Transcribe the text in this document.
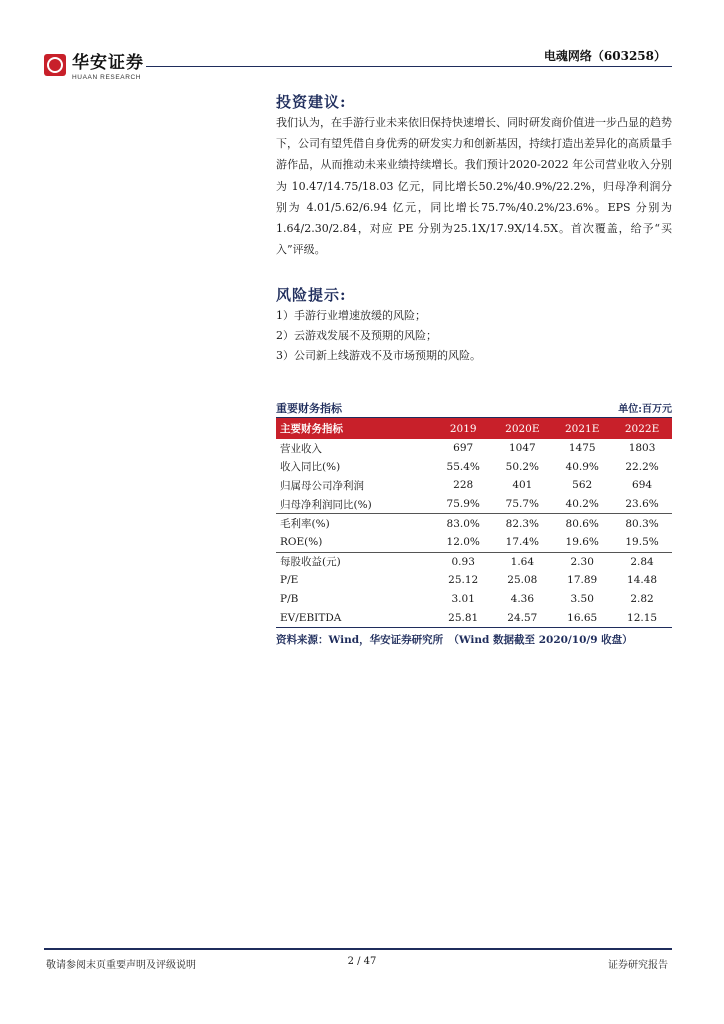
华安证券
HUAAN RESEARCH
电魂网络（603258）
投资建议:

我们认为，在手游行业未来依旧保持快速增长、同时研发商价值进一步凸显的趋势下，公司有望凭借自身优秀的研发实力和创新基因，持续打造出差异化的高质量手游作品，从而推动未来业绩持续增长。我们预计2020-2022 年公司营业收入分别为 10.47/14.75/18.03 亿元，同比增长50.2%/40.9%/22.2%，归母净利润分别为 4.01/5.62/6.94 亿元，同比增长75.7%/40.2%/23.6%。EPS 分别为 1.64/2.30/2.84，对应 PE 分别为25.1X/17.9X/14.5X。首次覆盖，给予“买入”评级。

风险提示:
1）手游行业增速放缓的风险；
2）云游戏发展不及预期的风险；
3）公司新上线游戏不及市场预期的风险。
重要财务指标	单位:百万元
主要财务指标	2019	2020E	2021E	2022E
营业收入	697	1047	1475	1803
收入同比(%)	55.4%	50.2%	40.9%	22.2%
归属母公司净利润	228	401	562	694
归母净利润同比(%)	75.9%	75.7%	40.2%	23.6%
毛利率(%)	83.0%	82.3%	80.6%	80.3%
ROE(%)	12.0%	17.4%	19.6%	19.5%
每股收益(元)	0.93	1.64	2.30	2.84
P/E	25.12	25.08	17.89	14.48
P/B	3.01	4.36	3.50	2.82
EV/EBITDA	25.81	24.57	16.65	12.15
资料来源：Wind，华安证券研究所　（Wind 数据截至 2020/10/9 收盘）
敬请参阅末页重要声明及评级说明	2 / 47	证券研究报告
